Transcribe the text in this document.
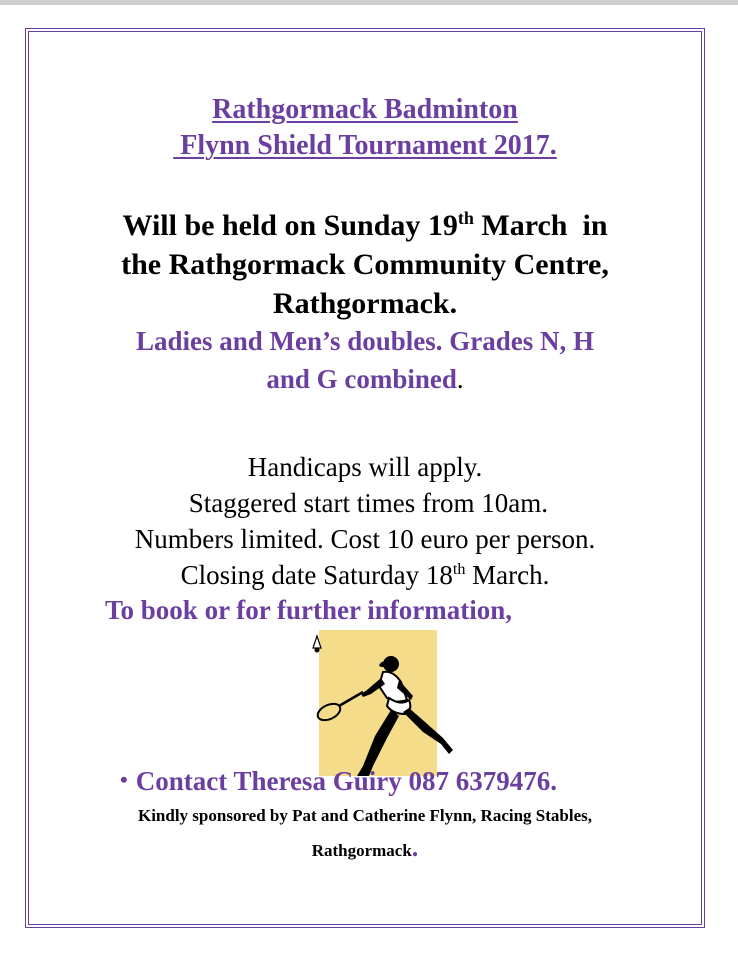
Rathgormack Badminton
Flynn Shield Tournament 2017.
Will be held on Sunday 19th March  in
the Rathgormack Community Centre,
Rathgormack.
Ladies and Men’s doubles. Grades N, H
and G combined.
Handicaps will apply.
Staggered start times from 10am.
Numbers limited. Cost 10 euro per person.
Closing date Saturday 18th March.
To book or for further information,
• Contact Theresa Guiry 087 6379476.
Kindly sponsored by Pat and Catherine Flynn, Racing Stables,
Rathgormack.
